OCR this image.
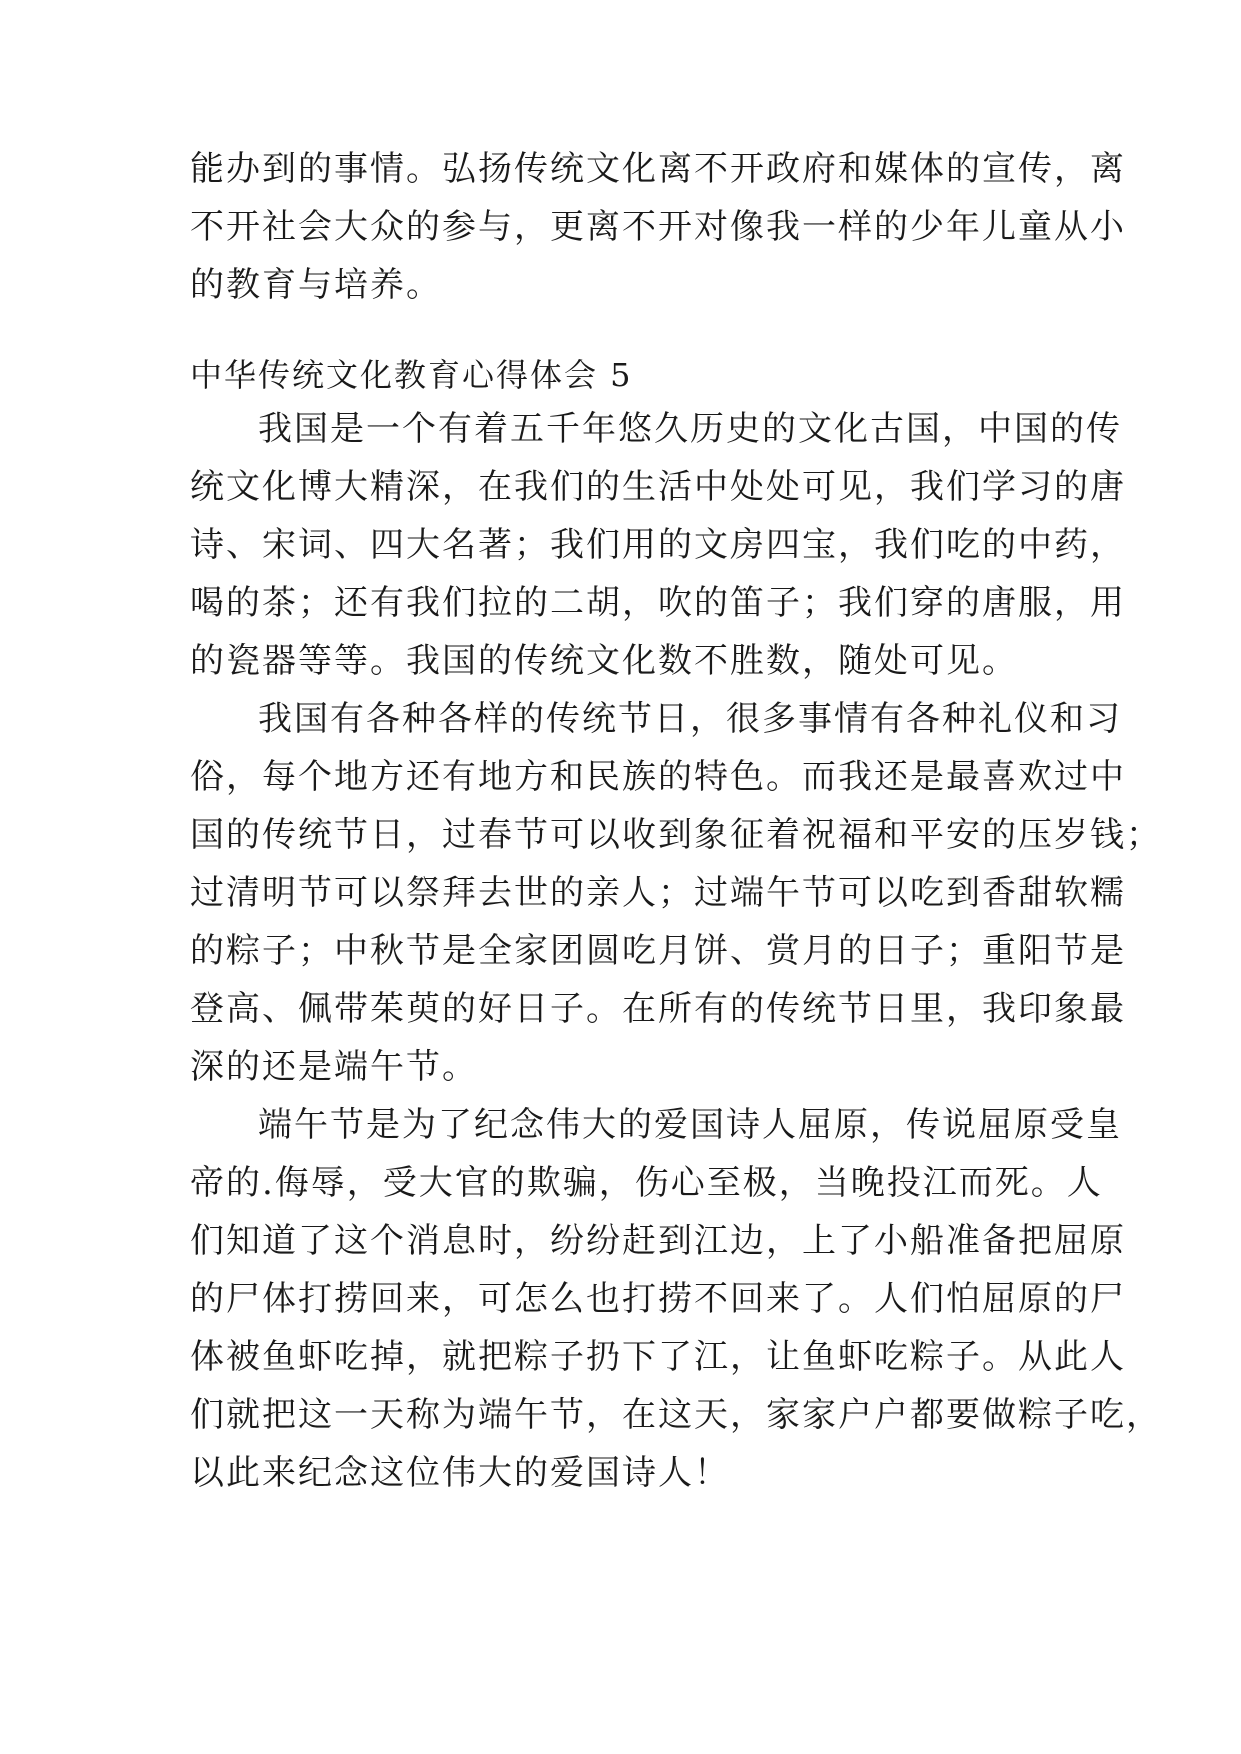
能办到的事情。弘扬传统文化离不开政府和媒体的宣传，离
不开社会大众的参与，更离不开对像我一样的少年儿童从小
的教育与培养。
中华传统文化教育心得体会 5
我国是一个有着五千年悠久历史的文化古国，中国的传
统文化博大精深，在我们的生活中处处可见，我们学习的唐
诗、宋词、四大名著；我们用的文房四宝，我们吃的中药，
喝的茶；还有我们拉的二胡，吹的笛子；我们穿的唐服，用
的瓷器等等。我国的传统文化数不胜数，随处可见。
我国有各种各样的传统节日，很多事情有各种礼仪和习
俗，每个地方还有地方和民族的特色。而我还是最喜欢过中
国的传统节日，过春节可以收到象征着祝福和平安的压岁钱；
过清明节可以祭拜去世的亲人；过端午节可以吃到香甜软糯
的粽子；中秋节是全家团圆吃月饼、赏月的日子；重阳节是
登高、佩带茱萸的好日子。在所有的传统节日里，我印象最
深的还是端午节。
端午节是为了纪念伟大的爱国诗人屈原，传说屈原受皇
帝的.侮辱，受大官的欺骗，伤心至极，当晚投江而死。人
们知道了这个消息时，纷纷赶到江边，上了小船准备把屈原
的尸体打捞回来，可怎么也打捞不回来了。人们怕屈原的尸
体被鱼虾吃掉，就把粽子扔下了江，让鱼虾吃粽子。从此人
们就把这一天称为端午节，在这天，家家户户都要做粽子吃，
以此来纪念这位伟大的爱国诗人！
